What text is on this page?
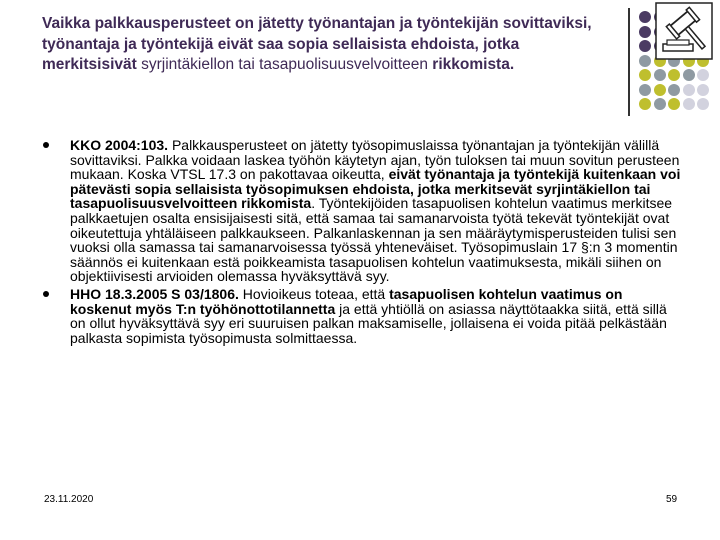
Vaikka palkkausperusteet on jätetty työnantajan ja työntekijän sovittaviksi, työnantaja ja työntekijä eivät saa sopia sellaisista ehdoista, jotka merkitsisivät syrjintäkiellon tai tasapuolisuusvelvoitteen rikkomista.
KKO 2004:103. Palkkausperusteet on jätetty työsopimuslaissa työnantajan ja työntekijän välillä sovittaviksi. Palkka voidaan laskea työhön käytetyn ajan, työn tuloksen tai muun sovitun perusteen mukaan. Koska VTSL 17.3 on pakottavaa oikeutta, eivät työnantaja ja työntekijä kuitenkaan voi pätevästi sopia sellaisista työsopimuksen ehdoista, jotka merkitsevät syrjintäkiellon tai tasapuolisuusvelvoitteen rikkomista. Työntekijöiden tasapuolisen kohtelun vaatimus merkitsee palkkaetujen osalta ensisijaisesti sitä, että samaa tai samanarvoista työtä tekevät työntekijät ovat oikeutettuja yhtäläiseen palkkaukseen. Palkanlaskennan ja sen määräytymisperusteiden tulisi sen vuoksi olla samassa tai samanarvoisessa työssä yhteneväiset. Työsopimuslain 17 §:n 3 momentin säännös ei kuitenkaan estä poikkeamista tasapuolisen kohtelun vaatimuksesta, mikäli siihen on objektiivisesti arvioiden olemassa hyväksyttävä syy.
HHO 18.3.2005 S 03/1806. Hovioikeus toteaa, että tasapuolisen kohtelun vaatimus on koskenut myös T:n työhönottotilannetta ja että yhtiöllä on asiassa näyttötaakka siitä, että sillä on ollut hyväksyttävä syy eri suuruisen palkan maksamiselle, jollaisena ei voida pitää pelkästään palkasta sopimista työsopimusta solmittaessa.
23.11.2020	59
